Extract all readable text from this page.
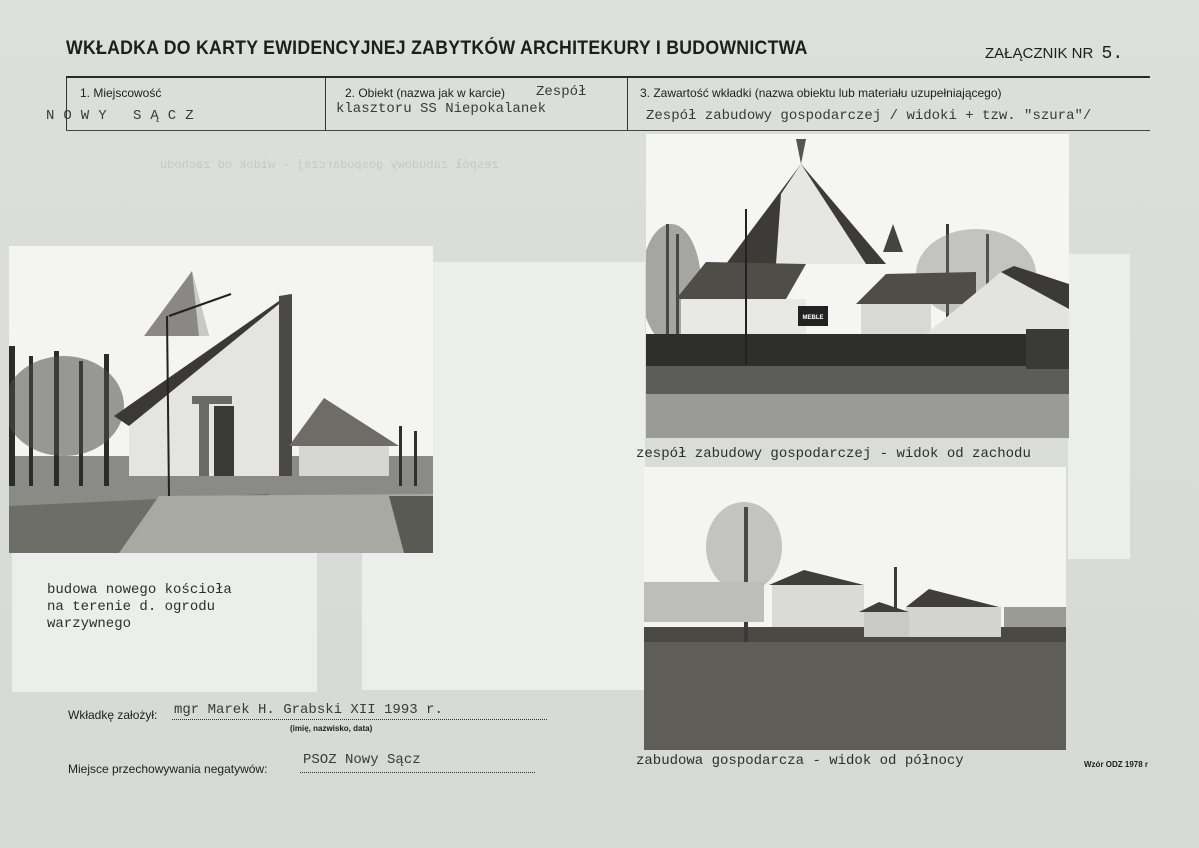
WKŁADKA DO KARTY EWIDENCYJNEJ ZABYTKÓW ARCHITEKURY I BUDOWNICTWA	ZAŁĄCZNIK NR 5.
1. Miejscowość
NOWY SĄCZ
2. Obiekt (nazwa jak w karcie) Zespół
klasztoru SS Niepokalanek
3. Zawartość wkładki (nazwa obiektu lub materiału uzupełniającego)
Zespół zabudowy gospodarczej / widoki + tzw. "szura"/
zespół zabudowy gospodarczej - widok od zachodu
budowa nowego kościoła
na terenie d. ogrodu
warzywnego
MEBLE
zespół zabudowy gospodarczej - widok od zachodu
zabudowa gospodarcza - widok od północy
Wkładkę założył: mgr Marek H. Grabski XII 1993 r.
(imię, nazwisko, data)
Miejsce przechowywania negatywów:
PSOZ Nowy Sącz	Wzór ODZ 1978 r
